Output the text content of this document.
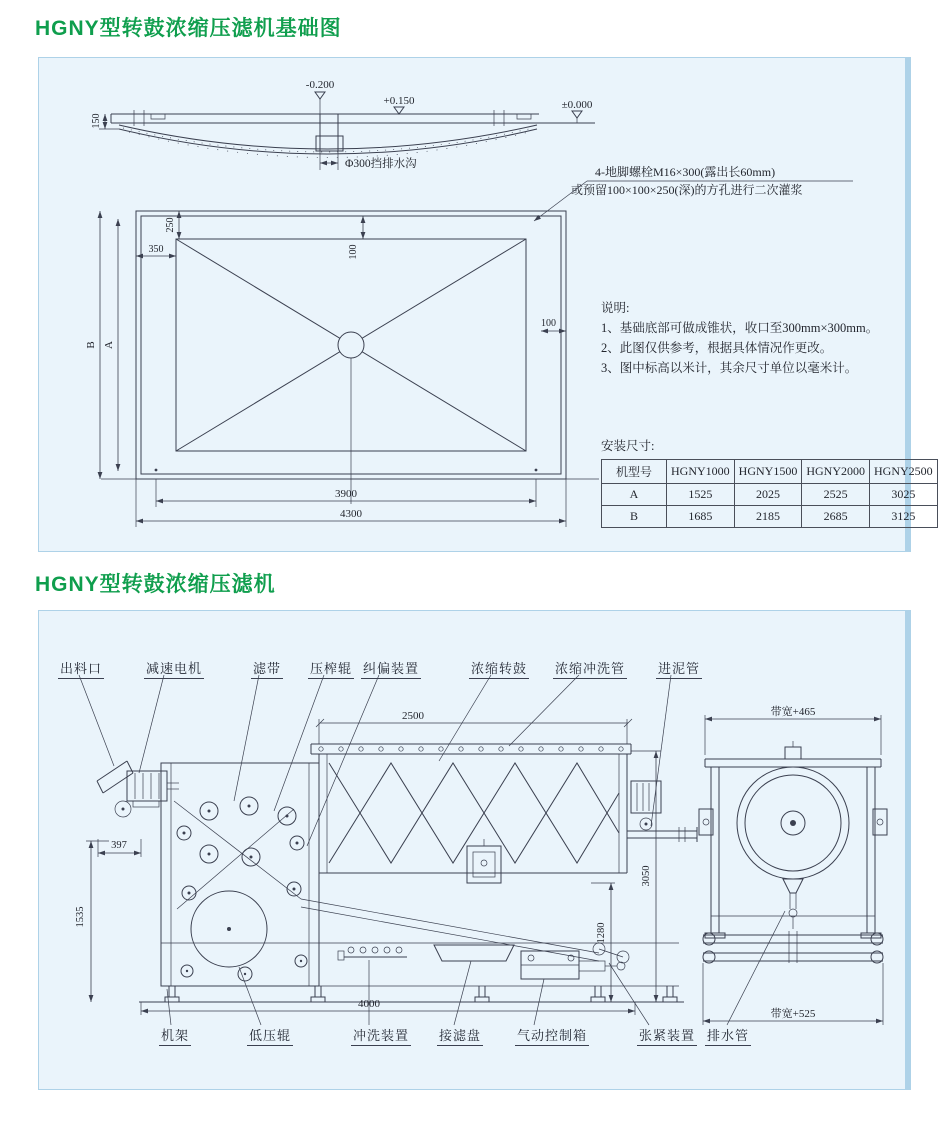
HGNY型转鼓浓缩压滤机基础图
-0.200
+0.150	±0.000
150
Φ300挡排水沟
4-地脚螺栓M16×300(露出长60mm)
或预留100×100×250(深)的方孔进行二次灌浆
A
B
350
250
100
100
3900
4300
说明:
1、基础底部可做成锥状，收口至300mm×300mm。
2、此图仅供参考，根据具体情况作更改。
3、图中标高以米计，其余尺寸单位以毫米计。
安装尺寸:
机型号	HGNY1000	HGNY1500	HGNY2000	HGNY2500
A	1525	2025	2525	3025
B	1685	2185	2685	3125
HGNY型转鼓浓缩压滤机
2500
397
1535
3050
1280
4000
带宽+465
带宽+525
出料口	减速电机	滤带 压榨辊 纠偏装置	浓缩转鼓 浓缩冲洗管	进泥管
机架	低压辊	冲洗装置 接滤盘	气动控制箱	张紧装置 排水管
